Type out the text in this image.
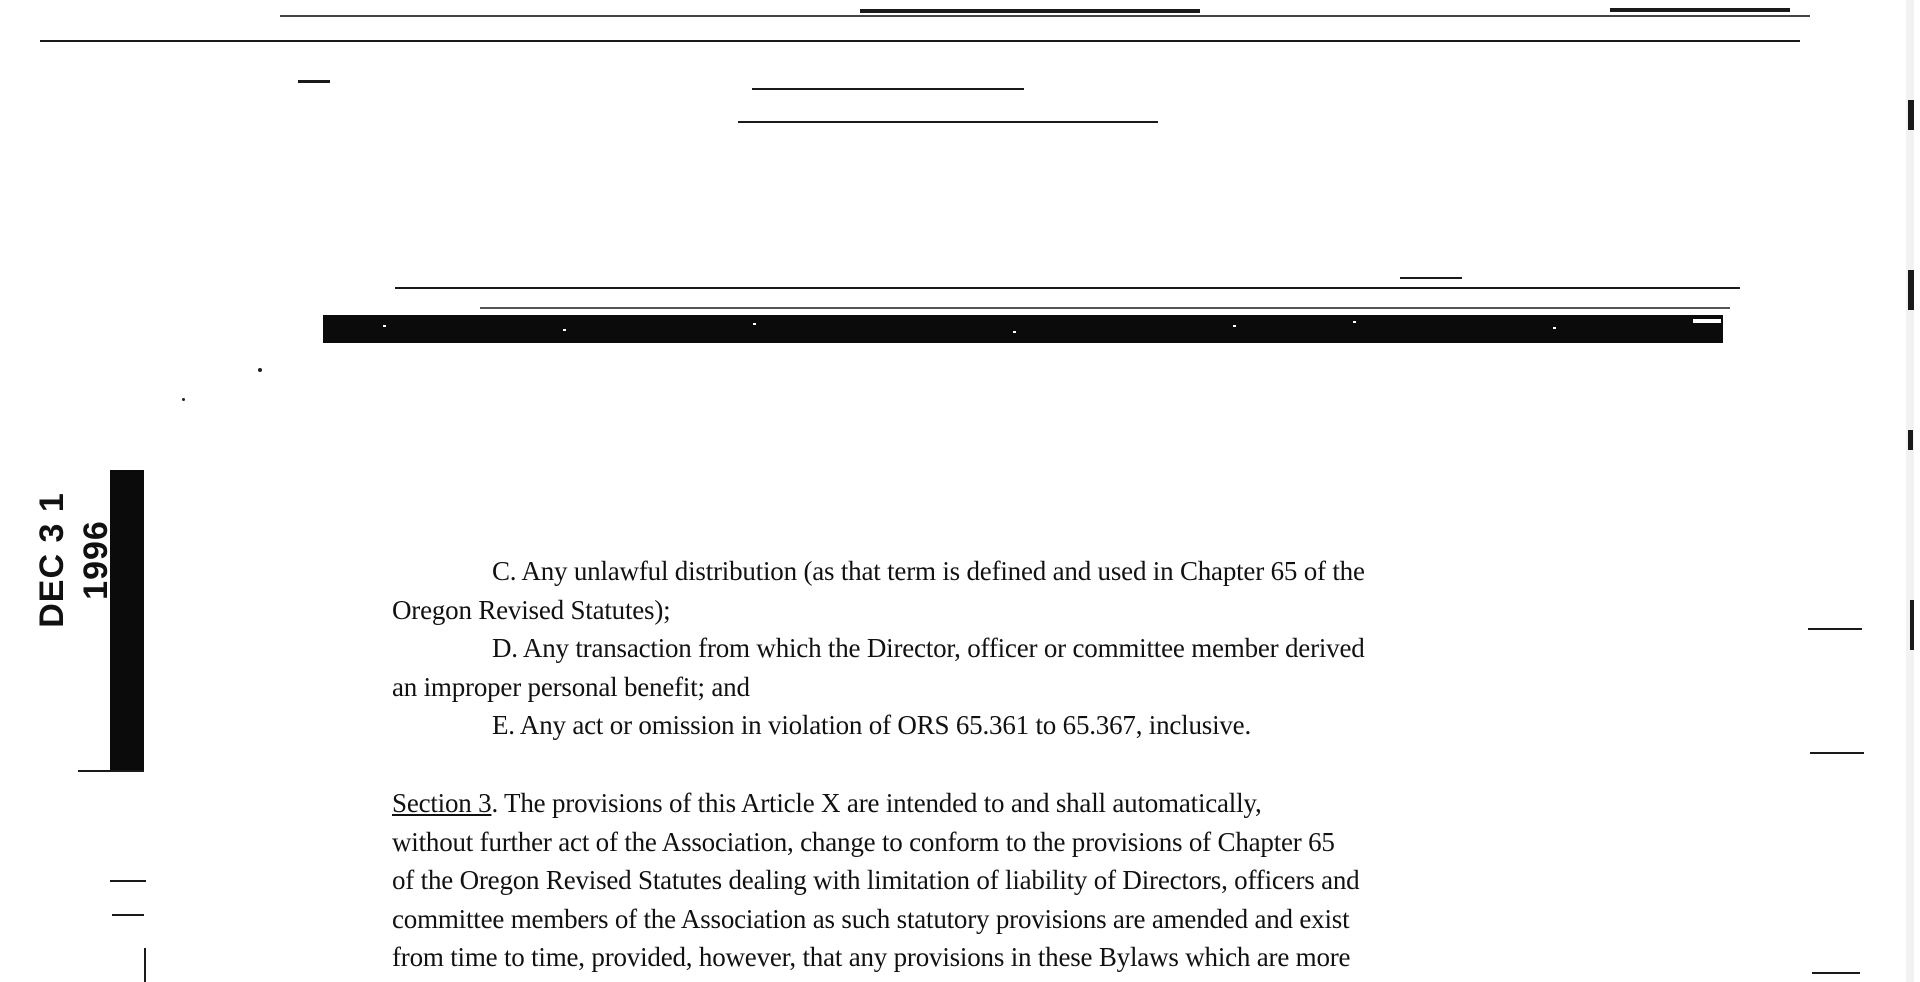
DEC 3 1 1996	C. Any unlawful distribution (as that term is defined and used in Chapter 65 of the
Oregon Revised Statutes);
D. Any transaction from which the Director, officer or committee member derived
an improper personal benefit; and
E. Any act or omission in violation of ORS 65.361 to 65.367, inclusive.
Section 3. The provisions of this Article X are intended to and shall automatically,
without further act of the Association, change to conform to the provisions of Chapter 65
of the Oregon Revised Statutes dealing with limitation of liability of Directors, officers and
committee members of the Association as such statutory provisions are amended and exist
from time to time, provided, however, that any provisions in these Bylaws which are more
